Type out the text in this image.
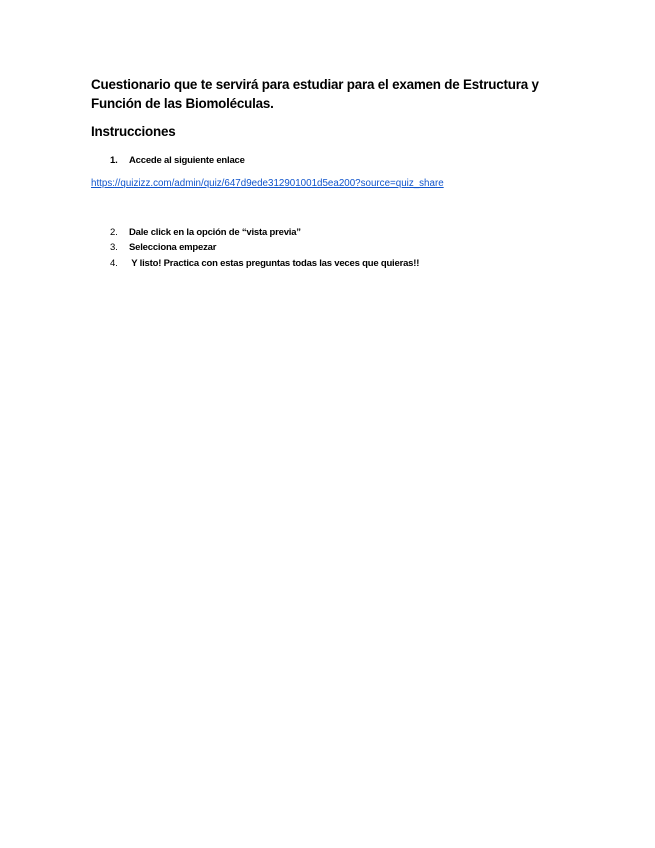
Cuestionario que te servirá para estudiar para el examen de Estructura y Función de las Biomoléculas.
Instrucciones
1. Accede al siguiente enlace
https://quizizz.com/admin/quiz/647d9ede312901001d5ea200?source=quiz_share
2. Dale click en la opción de “vista previa”
3. Selecciona empezar
4. Y listo! Practica con estas preguntas todas las veces que quieras!!
